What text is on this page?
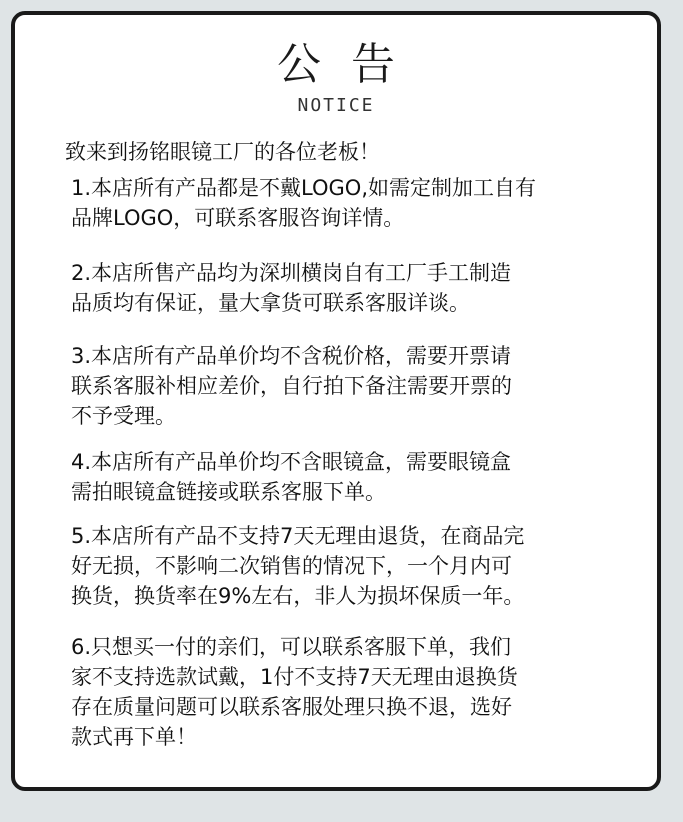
公告
NOTICE
致来到扬铭眼镜工厂的各位老板！
1.本店所有产品都是不戴LOGO,如需定制加工自有
品牌LOGO，可联系客服咨询详情。
2.本店所售产品均为深圳横岗自有工厂手工制造
品质均有保证，量大拿货可联系客服详谈。
3.本店所有产品单价均不含税价格，需要开票请
联系客服补相应差价，自行拍下备注需要开票的
不予受理。
4.本店所有产品单价均不含眼镜盒，需要眼镜盒
需拍眼镜盒链接或联系客服下单。
5.本店所有产品不支持7天无理由退货，在商品完
好无损，不影响二次销售的情况下，一个月内可
换货，换货率在9%左右，非人为损坏保质一年。
6.只想买一付的亲们，可以联系客服下单，我们
家不支持选款试戴，1付不支持7天无理由退换货
存在质量问题可以联系客服处理只换不退，选好
款式再下单！
